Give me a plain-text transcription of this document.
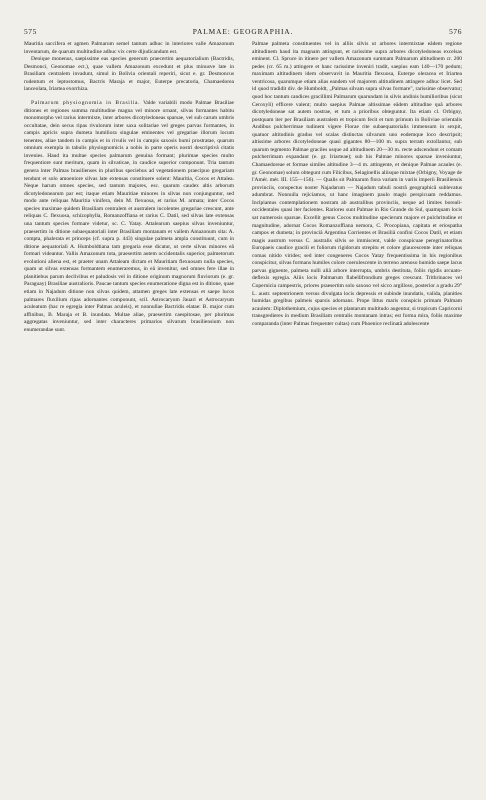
575	PALMAE: GEOGRAPHIA.	576

Mauritia sacciferа et agmen Palmarum semel tantum adhuc in interiores valle Amazonum inventarum, de quarum multitudine adhuc vix certe dijudicandum est.

Denique monenus, saepissime eas species generum praecertim aequatorialium (Bactridis, Desmonci, Geonomae ect.), quae vallem Amazonum excedunt et plus minusve late in Brasiliam centralem invadunt, simul in Bolivia orientali reperiri, sicut e. gr. Desmoncus rudentum et leptostomus, Bactris Maraja et major, Euterpe precatoria, Chamaedorea lanceolata, Iriartea exorrhiza.

Palmarum physiognomia in Brasilia. Valde variabili modo Palmae Brasiliae ditiones et regiones summa multitudine magna vel minore ornant, silvas formantes habitu monomorpho vel rarius intermixte, inter arbores dicotyledoneas sparsae, vel sub carum umbris occultatae, dein secus ripas rivulorum inter saxa solitariae vel greges parvas formantes, in campis apricis supra dumeta humiliora singulae eminentes vel gregariae illorum locum tenentes, aliae tandem in campis et in rivulis vel in campis saxosis humi prostratae, quarum omnium exempla in tabulis physiognomicis a nobis in parte operis nostri descriptivâ citatis invenies. Haud ita multae species palmarum genuina formant; plurimae species multo frequentiore sunt meritum, quam in silvaticae, in caudice superior componunt. Tria tantum genera inter Palmas brasilienses in pluribus speciebus ad vegetationem praecipuo gregariam tendunt et solo amoeniore silvas late extensas constituere solent: Mauritia, Cocos et Attalea. Neque harum omnes species, sed tantum majores, esc. quarum caudex altis arborum dicotyledonearum par est; itaque etiam Mauritiae minores in silvas non conjunguntur, sed modo ante reliquas Mauritia vinifera, dein M. flexuosa, et rarius M. armata; inter Cocos species maximae quidem Brasiliam centralem et australem incolentes gregariae crescunt, ante reliquas C. flexuosa, schizophylla, Romanzoffiana et rarius C. Datil, sed silvas late extensas una tantum species formare videtur, sc. C. Yatay. Attalearum saepius silvas inveniuntur, praesertim in ditione subaequatoriali inter Brasiliam montanam et vallem Amazonum sita: A. compta, phalerata et princeps (cf. supra p. 443) singulae palmeta ampla constituunt, cum in ditione aequatoriali A. Humboldtiana tam gregaria esse dicatur, ut certe silvas minores eâ formari videantur. Vallis Amazonum tota, praesertim autem occidentalis superior, palmetorum evolutioni aliena est, et praeter unam Attaleam dictam et Mauritiam flexuosam nulla species, quam ut silvas extensas formantem enumeraremus, in eâ invenitur, sed omnes fere illae in planitiebus parum declivibus et paludosis vel in ditione originum magnorum fluviorum (e. gr. Paraguay) Brasiliae australioris. Paucae tantum species enumeratione digna est in ditione, quae etiam in Najadum ditione non silvas quidem, attamen greges late extensas et saepe lucos palmares fluxilium ripas adornantes componunt, scil. Astrocaryum Jauari et Astrocaryum aculeatum (hac re egregia inter Palmas aculeis), et nonnullae Bactridis elatae: B. major cum affinibus, B. Maraja et B. inundata. Multae aliae, praesertim caespitosae, per plurimas aggregatas inveniuntur, sed inter characteres primarios silvarum brasiliensium non enumerandae sunt.

Palmae palmeta constituentes vel in alliis silvis ut arbores intermixtae eâdem regione altitudinem haud ita magnam attingunt, et rarissime supra arbores dicotyledoneas excelsas eminent. Cl. Spruce in itinere per vallem Amazonum summam Palmarum altitudinem cr. 200 pedes (cr. 65 m.) attingere et hanc rarissime inveniri tradit, saepius eam 140—170 pedum; maximam altitudinem idem observavit in Mauritia flexuosa, Euterpe oleracea et Iriartea ventricosa, quarumque etiam alias eandem vel majorem altitudinem attingere adhuc licet. Sed id quod tradidit div. de Humboldt, „Palmas silvam supra silvas formare", rarissime observatur; quod hoc tantum candices gracillimi Palmarum quarundam in silvis andinis humilioribus (sicut Ceroxyli) efficere valent; multo saepius Palmae altissimae eâdem altitudine quâ arbores dicotyledoneae sat autem nostrae, et tum a prioribus obteguntur. Ita etiam cl. Orbigny, postquam iter per Brasiliam australem et tropicum fecit et tum primum in Boliviae orientalis Andibus pulcherrimae tudinem vigere Florae rite subaequatorialis immensum in sexpit, quatuor altitudinis gradus vel scalas distinctas silvarum uno eodemque loco descripsit; altissime arbores dicotyledoneae quasi gigantes 80—100 m. supra terram extollantur, sub quarum tegmento Palmae graciles usque ad altitudinem 20—30 m. recte adscendunt et comam pulcherrimam expandant (e. gr. Iriarteae); sub his Palmae minores sparsae inveniuntur, Chamaedoreae et formae similes altitudine 3—4 m. attingente, et denique Palmae acaules (e. gr. Geonomae) solum obtegunt cum Filicibus, Selaginellis aliisque mixtae (Orbigny, Voyage de l'Amér. mér. III. 155—156). — Qualis sit Palmarum flora variam in variis imperii Brasiliensis provinciis, conspectus noster Najadarum — Najadum tabuli nostrâ geographicâ sublevatus adumbrat. Nonnulla rejiciamus, ut hanc imaginem paulo magis perspicuam reddamus. Inclpiamus contemplationem nostram ab australibus provinciis, neque ad limites boreali-occidentales quasi iter facientes. Rariores sunt Palmae in Rio Grande do Sul, quamquam locis sat numerosis sparsae. Excellit genus Cocos multitudine specierum majore et pulchritudine et magnitudine, adornat Cocos Romanzoffiana nemora, C. Procopiana, capitata et eriospatha campos et dumeta; in provinciâ Argentina Corrientes et Brasiliâ confini Cocos Datil, et etiam magis austrum versus C. australis silvis se immiscent, valde conspicuae peregrinatoribus Europaeis caudice gracili et foliorum rigidorum strepitu et colore glaucescente inter reliquas comas nitido virides; sed inter congeneres Cocos Yatay frequentissima in his regionibus conspicitur, silvas formans humiles colore coerulescente in terreno arenoso humido saepe lacus parvas gignente, palmeta nulli aliâ arbore interrupta, umbris destituta, foliis rigidis arcuato-deflexis egregia. Aliis locis Palmarum flabellifrondium greges crescunt. Trithrinaces vel Copernicia campestris, priores praesertim solo saxoso vel sicco argilloso, posterior a gradu 29° L. austr. septentrionem versus divulgata locis depressis et subinde inundatis, valida, planities humidas gregibus palmeis sparsis adornans. Prope littus maris conspicis primam Palmam acaulem: Diplothemium, cujus species et plantarum multitudo augentur, si tropicum Capricorni transgredieres in medium Brasiliam centralis montanam intras; est forma mira, foliis maxime comparanda (inter Palmas frequenter cultas) cum Phoenice reclinatâ adolescente
